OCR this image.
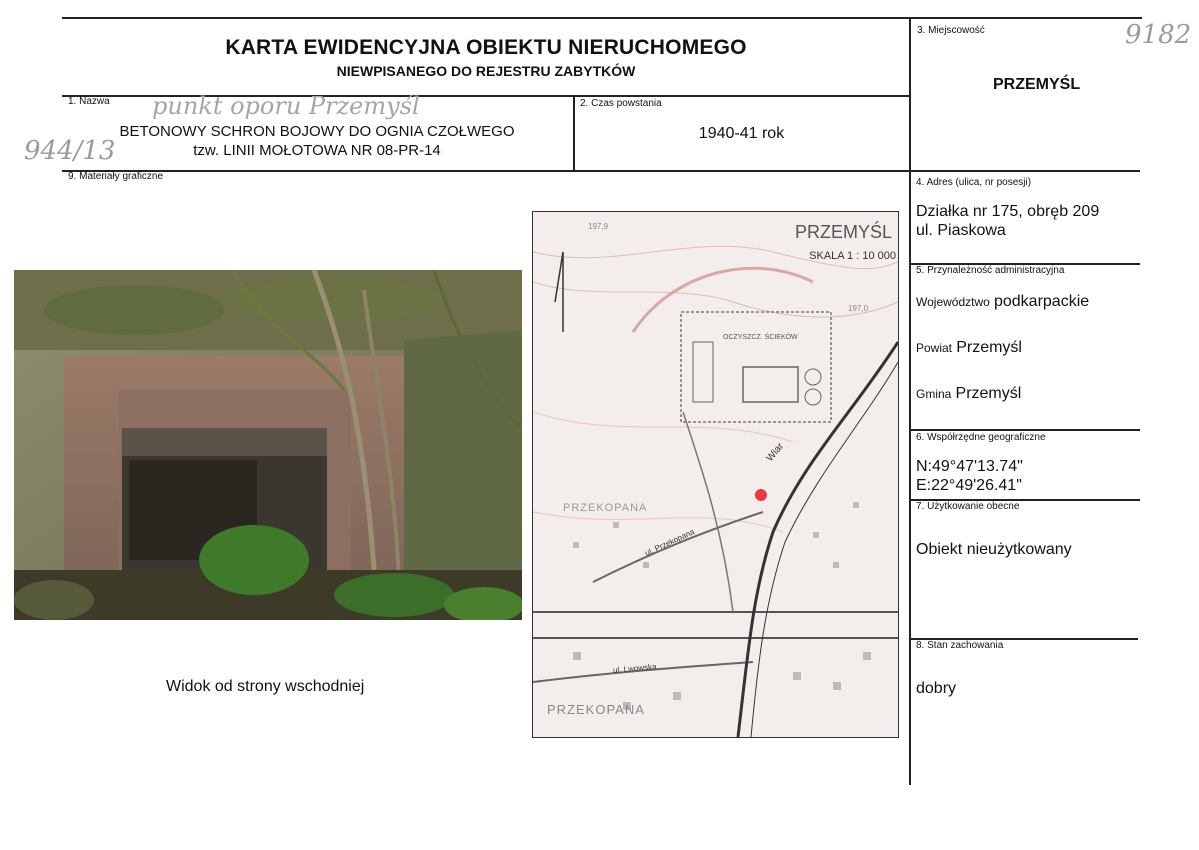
KARTA EWIDENCYJNA OBIEKTU NIERUCHOMEGO
NIEWPISANEGO DO REJESTRU ZABYTKÓW
9182
punkt oporu Przemyśl
944/13
1. Nazwa
BETONOWY SCHRON BOJOWY DO OGNIA CZOŁWEGO
tzw. LINII MOŁOTOWA NR 08-PR-14
2. Czas powstania
1940-41 rok
3. Miejscowość
PRZEMYŚL
9. Materiały graficzne
4. Adres (ulica, nr posesji)
Działka nr 175, obręb 209
ul. Piaskowa
5. Przynależność administracyjna
Województwo podkarpackie
Powiat Przemyśl
Gmina Przemyśl
6. Współrzędne geograficzne
N:49°47'13.74"
E:22°49'26.41"
7. Użytkowanie obecne
Obiekt nieużytkowany
8. Stan zachowania
dobry
Widok od strony wschodniej
PRZEMYŚL
SKALA 1 : 10 000
OCZYSZCZ. ŚCIEKÓW
197,9
197,0
PRZEKOPANA
ul. Przekopana
ul. Lwowska
Wiar
PRZEKOPANA
